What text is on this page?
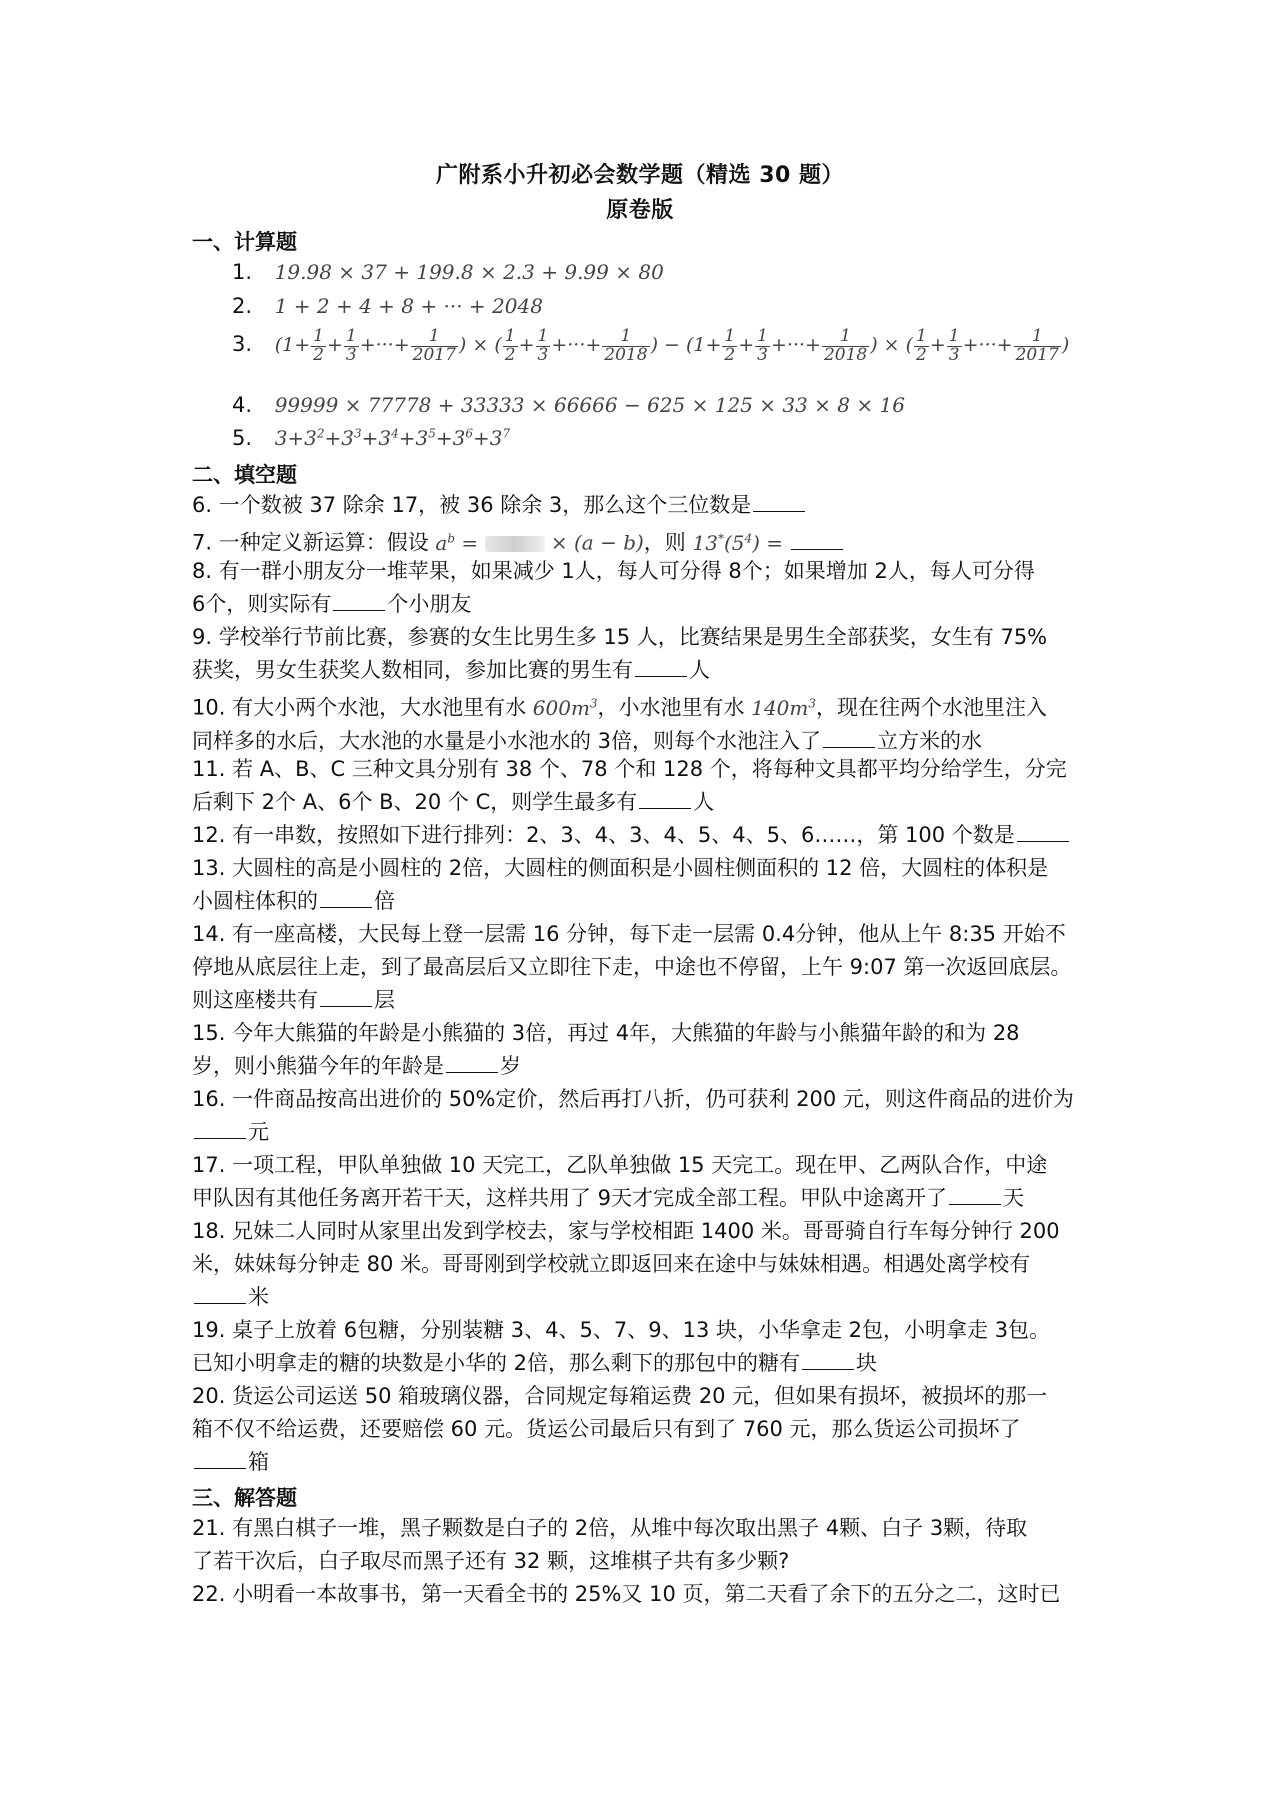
广附系小升初必会数学题（精选 30 题）
原卷版
一、计算题
1. 19.98 × 37 + 199.8 × 2.3 + 9.99 × 80
2. 1 + 2 + 4 + 8 + ··· + 2048
3. ($1+ \frac{1}{2} + \frac{1}{3}$ +···+ $\frac{1}{2017}$ ) × ( $\frac{1}{2} + \frac{1}{3}$ +···+ $\frac{1}{2018}$ ) − ($1+ \frac{1}{2} + \frac{1}{3}$ +···+ $\frac{1}{2018}$ ) × ( $\frac{1}{2} + \frac{1}{3}$ +···+ $\frac{1}{2017}$ )
4. 99999 × 77778 + 33333 × 66666 − 625 × 125 × 33 × 8 × 16
5. $3+3^2+3^3+3^4+3^5+3^6+3^7$
二、填空题
6. 一个数被 37 除余 17，被 36 除余 3，那么这个三位数是
7. 一种定义新运算：假设 $a^b$ =	× (a − b)，则 $13^*(5^4)$ =
8. 有一群小朋友分一堆苹果，如果减少 1人，每人可分得 8个；如果增加 2人，每人可分得
6个，则实际有	个小朋友
9. 学校举行节前比赛，参赛的女生比男生多 15 人，比赛结果是男生全部获奖，女生有 75%
获奖，男女生获奖人数相同，参加比赛的男生有	人
10. 有大小两个水池，大水池里有水 $600m^3$，小水池里有水 $140m^3$，现在往两个水池里注入
同样多的水后，大水池的水量是小水池水的 3倍，则每个水池注入了	立方米的水
11. 若 A、B、C 三种文具分别有 38 个、78 个和 128 个，将每种文具都平均分给学生，分完
后剩下 2个 A、6个 B、20 个 C，则学生最多有	人
12. 有一串数，按照如下进行排列：2、3、4、3、4、5、4、5、6……，第 100 个数是
13. 大圆柱的高是小圆柱的 2倍，大圆柱的侧面积是小圆柱侧面积的 12 倍，大圆柱的体积是
小圆柱体积的	倍
14. 有一座高楼，大民每上登一层需 16 分钟，每下走一层需 0.4分钟，他从上午 8:35 开始不
停地从底层往上走，到了最高层后又立即往下走，中途也不停留，上午 9:07 第一次返回底层。
则这座楼共有	层
15. 今年大熊猫的年龄是小熊猫的 3倍，再过 4年，大熊猫的年龄与小熊猫年龄的和为 28
岁，则小熊猫今年的年龄是	岁
16. 一件商品按高出进价的 50%定价，然后再打八折，仍可获利 200 元，则这件商品的进价为
元
17. 一项工程，甲队单独做 10 天完工，乙队单独做 15 天完工。现在甲、乙两队合作，中途
甲队因有其他任务离开若干天，这样共用了 9天才完成全部工程。甲队中途离开了	天
18. 兄妹二人同时从家里出发到学校去，家与学校相距 1400 米。哥哥骑自行车每分钟行 200
米，妹妹每分钟走 80 米。哥哥刚到学校就立即返回来在途中与妹妹相遇。相遇处离学校有
米
19. 桌子上放着 6包糖，分别装糖 3、4、5、7、9、13 块，小华拿走 2包，小明拿走 3包。
已知小明拿走的糖的块数是小华的 2倍，那么剩下的那包中的糖有	块
20. 货运公司运送 50 箱玻璃仪器，合同规定每箱运费 20 元，但如果有损坏，被损坏的那一
箱不仅不给运费，还要赔偿 60 元。货运公司最后只有到了 760 元，那么货运公司损坏了
箱
三、解答题
21. 有黑白棋子一堆，黑子颗数是白子的 2倍，从堆中每次取出黑子 4颗、白子 3颗，待取
了若干次后，白子取尽而黑子还有 32 颗，这堆棋子共有多少颗?
22. 小明看一本故事书，第一天看全书的 25%又 10 页，第二天看了余下的五分之二，这时已
